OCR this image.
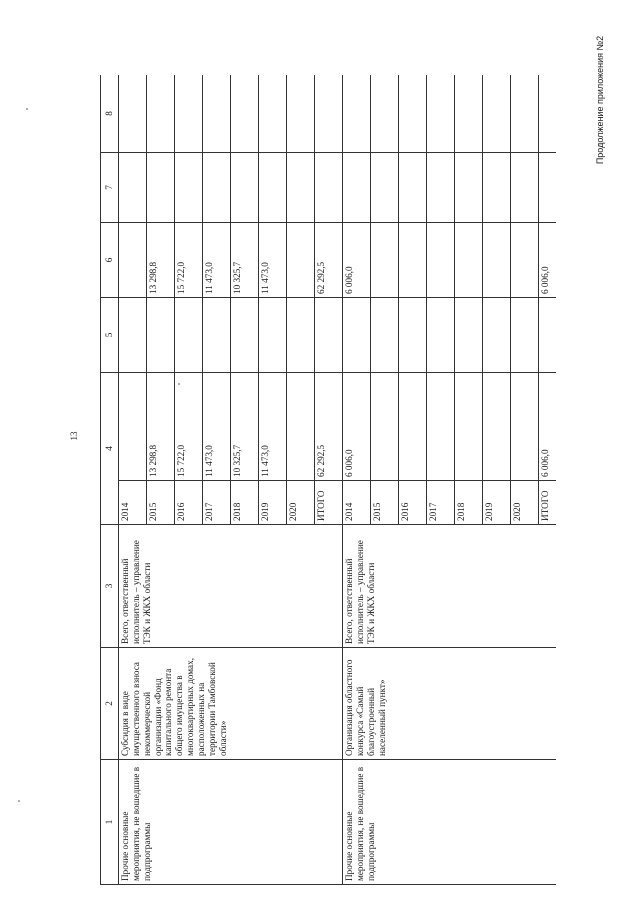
13
Продолжение приложения №2
1	2	3	4		5	6	7	8
Прочие основные мероприятия, не вошедшие в подпрограммы	Субсидия в виде имущественного взноса некоммерческой организации «Фонд капитального ремонта общего имущества в многоквартирных домах, расположенных на территории Тамбовской области»	Всего, ответственный исполнитель – управление ТЭК и ЖКХ области	2014					
			2015	13 298,8		13 298,8		
			2016	15 722,0		15 722,0		
			2017	11 473,0		11 473,0		
			2018	10 325,7		10 325,7		
			2019	11 473,0		11 473,0		
			2020					
			ИТОГО	62 292,5		62 292,5		
Прочие основные мероприятия, не вошедшие в подпрограммы	Организация областного конкурса «Самый благоустроенный населенный пункт»	Всего, ответственный исполнитель – управление ТЭК и ЖКХ области	2014	6 006,0		6 006,0		
			2015					
			2016					
			2017					
			2018					
			2019					
			2020					
			ИТОГО	6 006,0		6 006,0		
